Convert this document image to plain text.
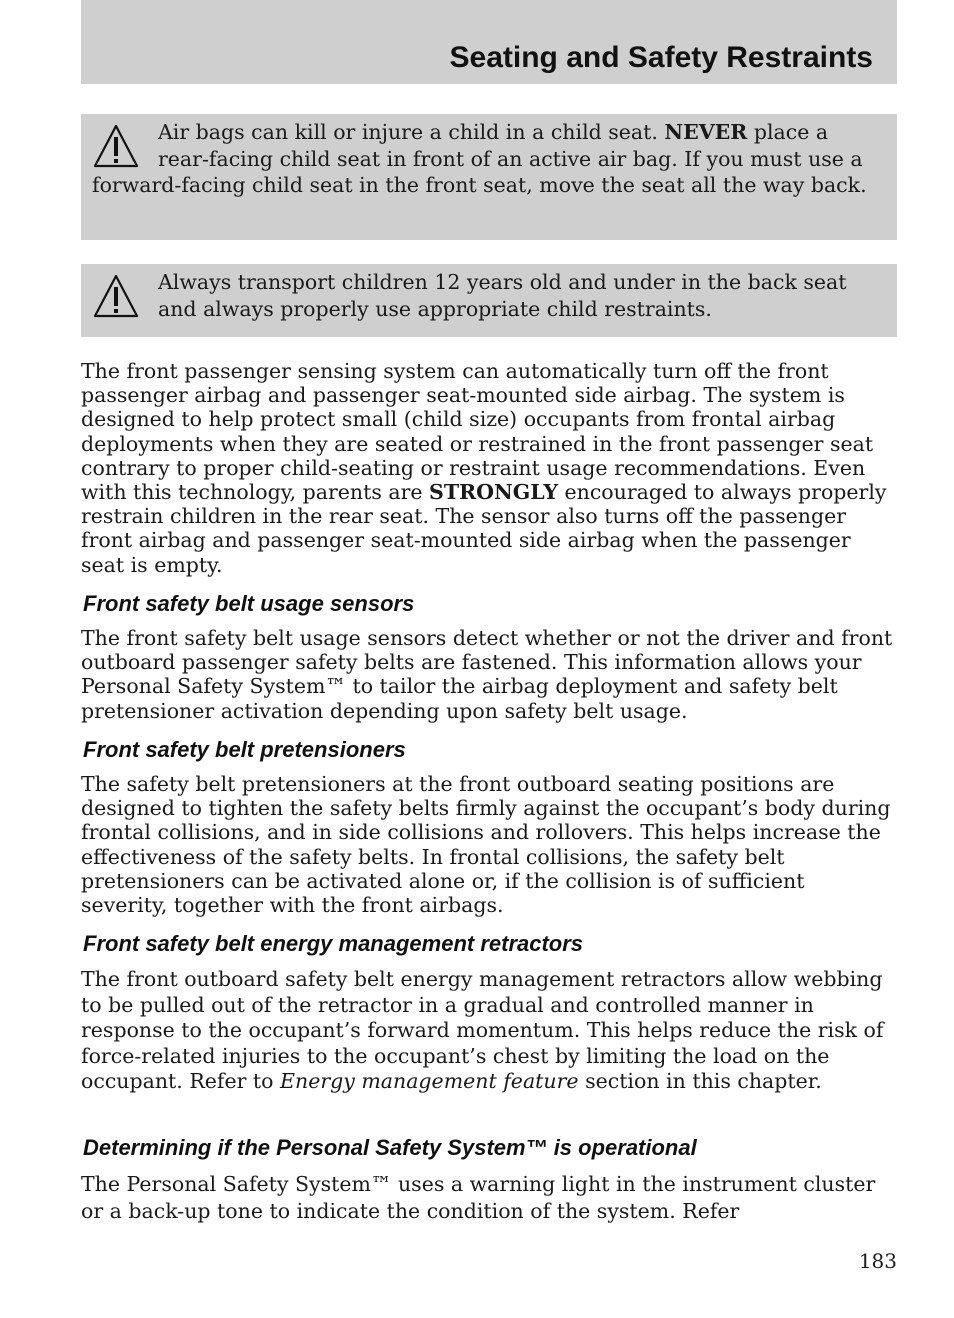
Seating and Safety Restraints
Air bags can kill or injure a child in a child seat. NEVER place a rear-facing child seat in front of an active air bag. If you must use a forward-facing child seat in the front seat, move the seat all the way back.
Always transport children 12 years old and under in the back seat and always properly use appropriate child restraints.

The front passenger sensing system can automatically turn off the front passenger airbag and passenger seat-mounted side airbag. The system is designed to help protect small (child size) occupants from frontal airbag deployments when they are seated or restrained in the front passenger seat contrary to proper child-seating or restraint usage recommendations. Even with this technology, parents are STRONGLY encouraged to always properly restrain children in the rear seat. The sensor also turns off the passenger front airbag and passenger seat-mounted side airbag when the passenger seat is empty.

Front safety belt usage sensors

The front safety belt usage sensors detect whether or not the driver and front outboard passenger safety belts are fastened. This information allows your Personal Safety System™ to tailor the airbag deployment and safety belt pretensioner activation depending upon safety belt usage.

Front safety belt pretensioners

The safety belt pretensioners at the front outboard seating positions are designed to tighten the safety belts firmly against the occupant’s body during frontal collisions, and in side collisions and rollovers. This helps increase the effectiveness of the safety belts. In frontal collisions, the safety belt pretensioners can be activated alone or, if the collision is of sufficient severity, together with the front airbags.

Front safety belt energy management retractors

The front outboard safety belt energy management retractors allow webbing to be pulled out of the retractor in a gradual and controlled manner in response to the occupant’s forward momentum. This helps reduce the risk of force-related injuries to the occupant’s chest by limiting the load on the occupant. Refer to Energy management feature section in this chapter.

Determining if the Personal Safety System™ is operational

The Personal Safety System™ uses a warning light in the instrument cluster or a back-up tone to indicate the condition of the system. Refer

183
